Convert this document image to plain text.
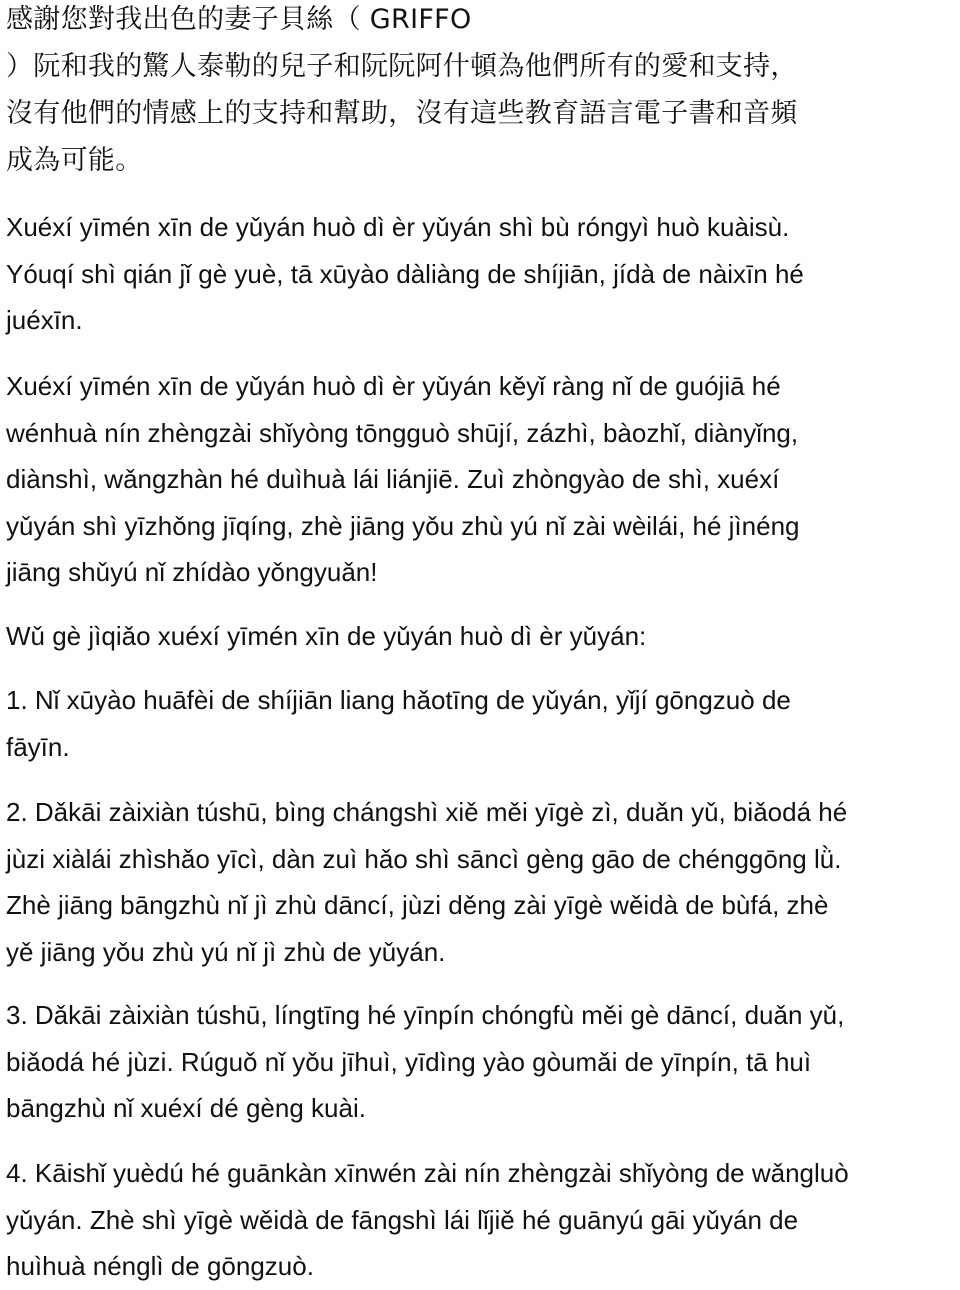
感謝您對我出色的妻子貝絲（ GRIFFO
）阮和我的驚人泰勒的兒子和阮阮阿什頓為他們所有的愛和支持，
沒有他們的情感上的支持和幫助，沒有這些教育語言電子書和音頻
成為可能。

Xuéxí yīmén xīn de yǔyán huò dì èr yǔyán shì bù róngyì huò kuàisù.
Yóuqí shì qián jǐ gè yuè, tā xūyào dàliàng de shíjiān, jídà de nàixīn hé
juéxīn.

Xuéxí yīmén xīn de yǔyán huò dì èr yǔyán kěyǐ ràng nǐ de guójiā hé
wénhuà nín zhèngzài shǐyòng tōngguò shūjí, zázhì, bàozhǐ, diànyǐng,
diànshì, wǎngzhàn hé duìhuà lái liánjiē. Zuì zhòngyào de shì, xuéxí
yǔyán shì yīzhǒng jīqíng, zhè jiāng yǒu zhù yú nǐ zài wèilái, hé jìnéng
jiāng shǔyú nǐ zhídào yǒngyuǎn!

Wǔ gè jìqiǎo xuéxí yīmén xīn de yǔyán huò dì èr yǔyán:

1. Nǐ xūyào huāfèi de shíjiān liang hǎotīng de yǔyán, yǐjí gōngzuò de
fāyīn.

2. Dǎkāi zàixiàn túshū, bìng chángshì xiě měi yīgè zì, duǎn yǔ, biǎodá hé
jùzi xiàlái zhìshǎo yīcì, dàn zuì hǎo shì sāncì gèng gāo de chénggōng lǜ.
Zhè jiāng bāngzhù nǐ jì zhù dāncí, jùzi děng zài yīgè wěidà de bùfá, zhè
yě jiāng yǒu zhù yú nǐ jì zhù de yǔyán.

3. Dǎkāi zàixiàn túshū, língtīng hé yīnpín chóngfù měi gè dāncí, duǎn yǔ,
biǎodá hé jùzi. Rúguǒ nǐ yǒu jīhuì, yīdìng yào gòumǎi de yīnpín, tā huì
bāngzhù nǐ xuéxí dé gèng kuài.

4. Kāishǐ yuèdú hé guānkàn xīnwén zài nín zhèngzài shǐyòng de wǎngluò
yǔyán. Zhè shì yīgè wěidà de fāngshì lái lǐjiě hé guānyú gāi yǔyán de
huìhuà nénglì de gōngzuò.
